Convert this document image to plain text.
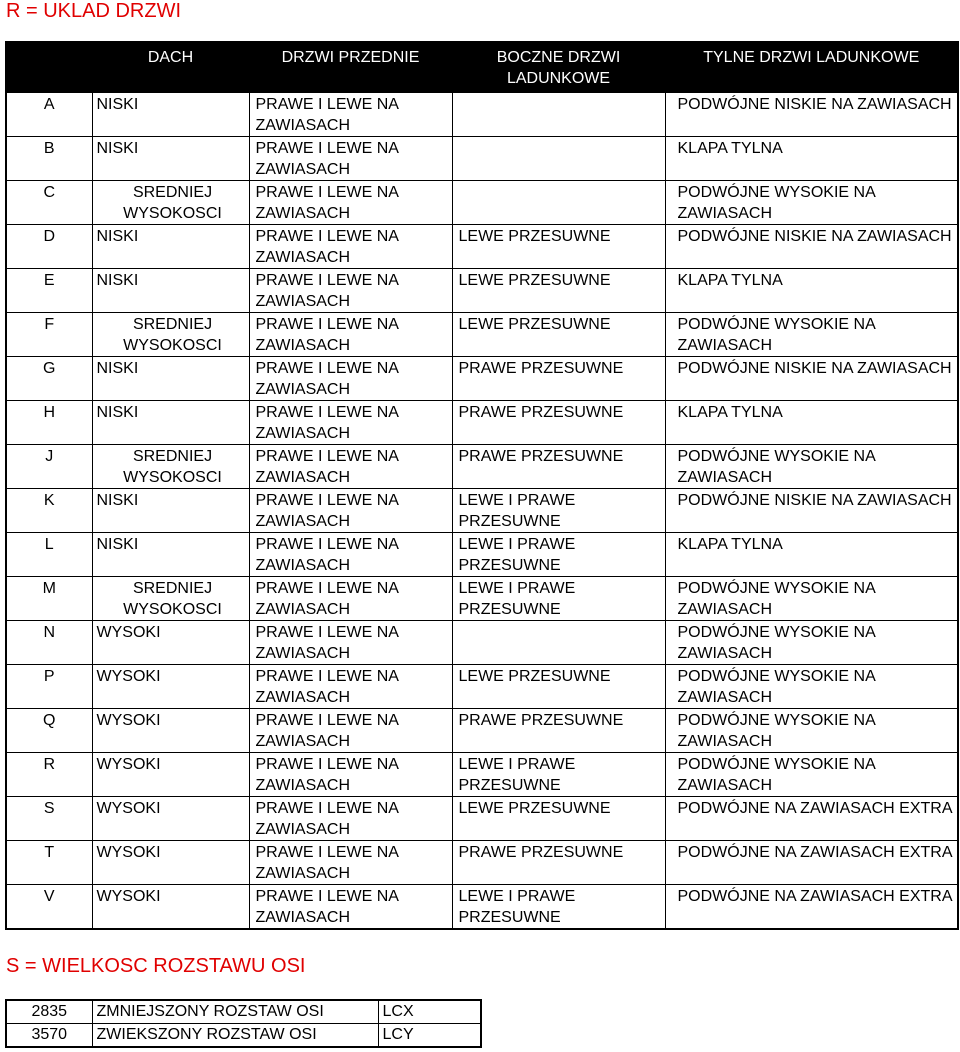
R = UKLAD DRZWI
	DACH	DRZWI PRZEDNIE	BOCZNE DRZWI LADUNKOWE	TYLNE DRZWI LADUNKOWE
A	NISKI	PRAWE I LEWE NA ZAWIASACH		PODWÓJNE NISKIE NA ZAWIASACH
B	NISKI	PRAWE I LEWE NA ZAWIASACH		KLAPA TYLNA
C	SREDNIEJ WYSOKOSCI	PRAWE I LEWE NA ZAWIASACH		PODWÓJNE WYSOKIE NA ZAWIASACH
D	NISKI	PRAWE I LEWE NA ZAWIASACH	LEWE PRZESUWNE	PODWÓJNE NISKIE NA ZAWIASACH
E	NISKI	PRAWE I LEWE NA ZAWIASACH	LEWE PRZESUWNE	KLAPA TYLNA
F	SREDNIEJ WYSOKOSCI	PRAWE I LEWE NA ZAWIASACH	LEWE PRZESUWNE	PODWÓJNE WYSOKIE NA ZAWIASACH
G	NISKI	PRAWE I LEWE NA ZAWIASACH	PRAWE PRZESUWNE	PODWÓJNE NISKIE NA ZAWIASACH
H	NISKI	PRAWE I LEWE NA ZAWIASACH	PRAWE PRZESUWNE	KLAPA TYLNA
J	SREDNIEJ WYSOKOSCI	PRAWE I LEWE NA ZAWIASACH	PRAWE PRZESUWNE	PODWÓJNE WYSOKIE NA ZAWIASACH
K	NISKI	PRAWE I LEWE NA ZAWIASACH	LEWE I PRAWE PRZESUWNE	PODWÓJNE NISKIE NA ZAWIASACH
L	NISKI	PRAWE I LEWE NA ZAWIASACH	LEWE I PRAWE PRZESUWNE	KLAPA TYLNA
M	SREDNIEJ WYSOKOSCI	PRAWE I LEWE NA ZAWIASACH	LEWE I PRAWE PRZESUWNE	PODWÓJNE WYSOKIE NA ZAWIASACH
N	WYSOKI	PRAWE I LEWE NA ZAWIASACH		PODWÓJNE WYSOKIE NA ZAWIASACH
P	WYSOKI	PRAWE I LEWE NA ZAWIASACH	LEWE PRZESUWNE	PODWÓJNE WYSOKIE NA ZAWIASACH
Q	WYSOKI	PRAWE I LEWE NA ZAWIASACH	PRAWE PRZESUWNE	PODWÓJNE WYSOKIE NA ZAWIASACH
R	WYSOKI	PRAWE I LEWE NA ZAWIASACH	LEWE I PRAWE PRZESUWNE	PODWÓJNE WYSOKIE NA ZAWIASACH
S	WYSOKI	PRAWE I LEWE NA ZAWIASACH	LEWE PRZESUWNE	PODWÓJNE NA ZAWIASACH EXTRA
T	WYSOKI	PRAWE I LEWE NA ZAWIASACH	PRAWE PRZESUWNE	PODWÓJNE NA ZAWIASACH EXTRA
V	WYSOKI	PRAWE I LEWE NA ZAWIASACH	LEWE I PRAWE PRZESUWNE	PODWÓJNE NA ZAWIASACH EXTRA
S = WIELKOSC ROZSTAWU OSI
2835	ZMNIEJSZONY ROZSTAW OSI	LCX
3570	ZWIEKSZONY ROZSTAW OSI	LCY
